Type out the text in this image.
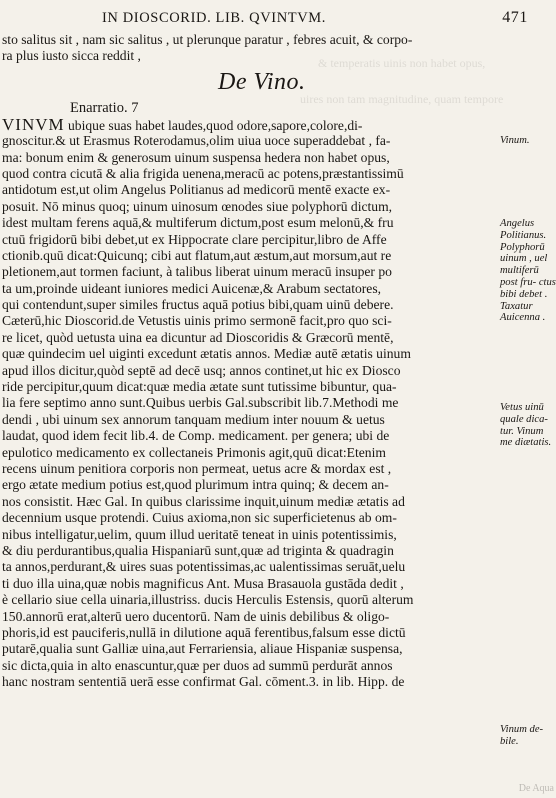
IN DIOSCORID. LIB. QVINTVM.	471
& temperatis uinis non habet opus,
uires non tam magnitudine, quam tempore
sto salitus sit , nam sic salitus , ut plerunque paratur , febres acuit, & corpo-
ra plus iusto sicca reddit ,
De Vino.
Enarratio. 7
VINVM ubique suas habet laudes,quod odore,sapore,colore,di-
gnoscitur.& ut Erasmus Roterodamus,olim uiua uoce superaddebat , fa-
ma: bonum enim & generosum uinum suspensa hedera non habet opus,
quod contra cicutā & alia frigida uenena,meracū ac potens,præstantissimū
antidotum est,ut olim Angelus Politianus ad medicorū mentē exacte ex-
posuit. Nō minus quoq; uinum uinosum œnodes siue polyphorū dictum,
idest multam ferens aquā,& multiferum dictum,post esum melonū,& fru
ctuū frigidorū bibi debet,ut ex Hippocrate clare percipitur,libro de Affe
ctionib.quū dicat:Quicunq; cibi aut flatum,aut æstum,aut morsum,aut re
pletionem,aut tormen faciunt, à talibus liberat uinum meracū insuper po
ta um,proinde uideant iuniores medici Auicenæ,& Arabum sectatores,
qui contendunt,super similes fructus aquā potius bibi,quam uinū debere.
Cæterū,hic Dioscorid.de Vetustis uinis primo sermonē facit,pro quo sci-
re licet, quòd uetusta uina ea dicuntur ad Dioscoridis & Græcorū mentē,
quæ quindecim uel uiginti excedunt ætatis annos. Mediæ autē ætatis uinum
apud illos dicitur,quòd septē ad decē usq; annos continet,ut hic ex Diosco
ride percipitur,quum dicat:quæ media ætate sunt tutissime bibuntur, qua-
lia fere septimo anno sunt.Quibus uerbis Gal.subscribit lib.7.Methodi me
dendi , ubi uinum sex annorum tanquam medium inter nouum & uetus
laudat, quod idem fecit lib.4. de Comp. medicament. per genera; ubi de
epulotico medicamento ex collectaneis Primonis agit,quū dicat:Etenim
recens uinum penitiora corporis non permeat, uetus acre & mordax est ,
ergo ætate medium potius est,quod plurimum intra quinq; & decem an-
nos consistit. Hæc Gal. In quibus clarissime inquit,uinum mediæ ætatis ad
decennium usque protendi. Cuius axioma,non sic superficietenus ab om-
nibus intelligatur,uelim, quum illud ueritatē teneat in uinis potentissimis,
& diu perdurantibus,qualia Hispaniarū sunt,quæ ad triginta & quadragin
ta annos,perdurant,& uires suas potentissimas,ac ualentissimas seruāt,uelu
ti duo illa uina,quæ nobis magnificus Ant. Musa Brasauola gustāda dedit ,
è cellario siue cella uinaria,illustriss. ducis Herculis Estensis, quorū alterum
150.annorū erat,alterū uero ducentorū. Nam de uinis debilibus & oligo-
phoris,id est pauciferis,nullā in dilutione aquā ferentibus,falsum esse dictū
putarē,qualia sunt Galliæ uina,aut Ferrariensia, aliaue Hispaniæ suspensa,
sic dicta,quia in alto enascuntur,quæ per duos ad summū perdurāt annos
hanc nostram sententiā uerā esse confirmat Gal. cōment.3. in lib. Hipp. de
Vinum.
Angelus Politianus. Polyphorū uinum , uel multiferū post fru- ctus bibi debet . Taxatur Auicenna .
Vetus uinū quale dica- tur. Vinum me diætatis.
Vinum de- bile.
De Aqua
